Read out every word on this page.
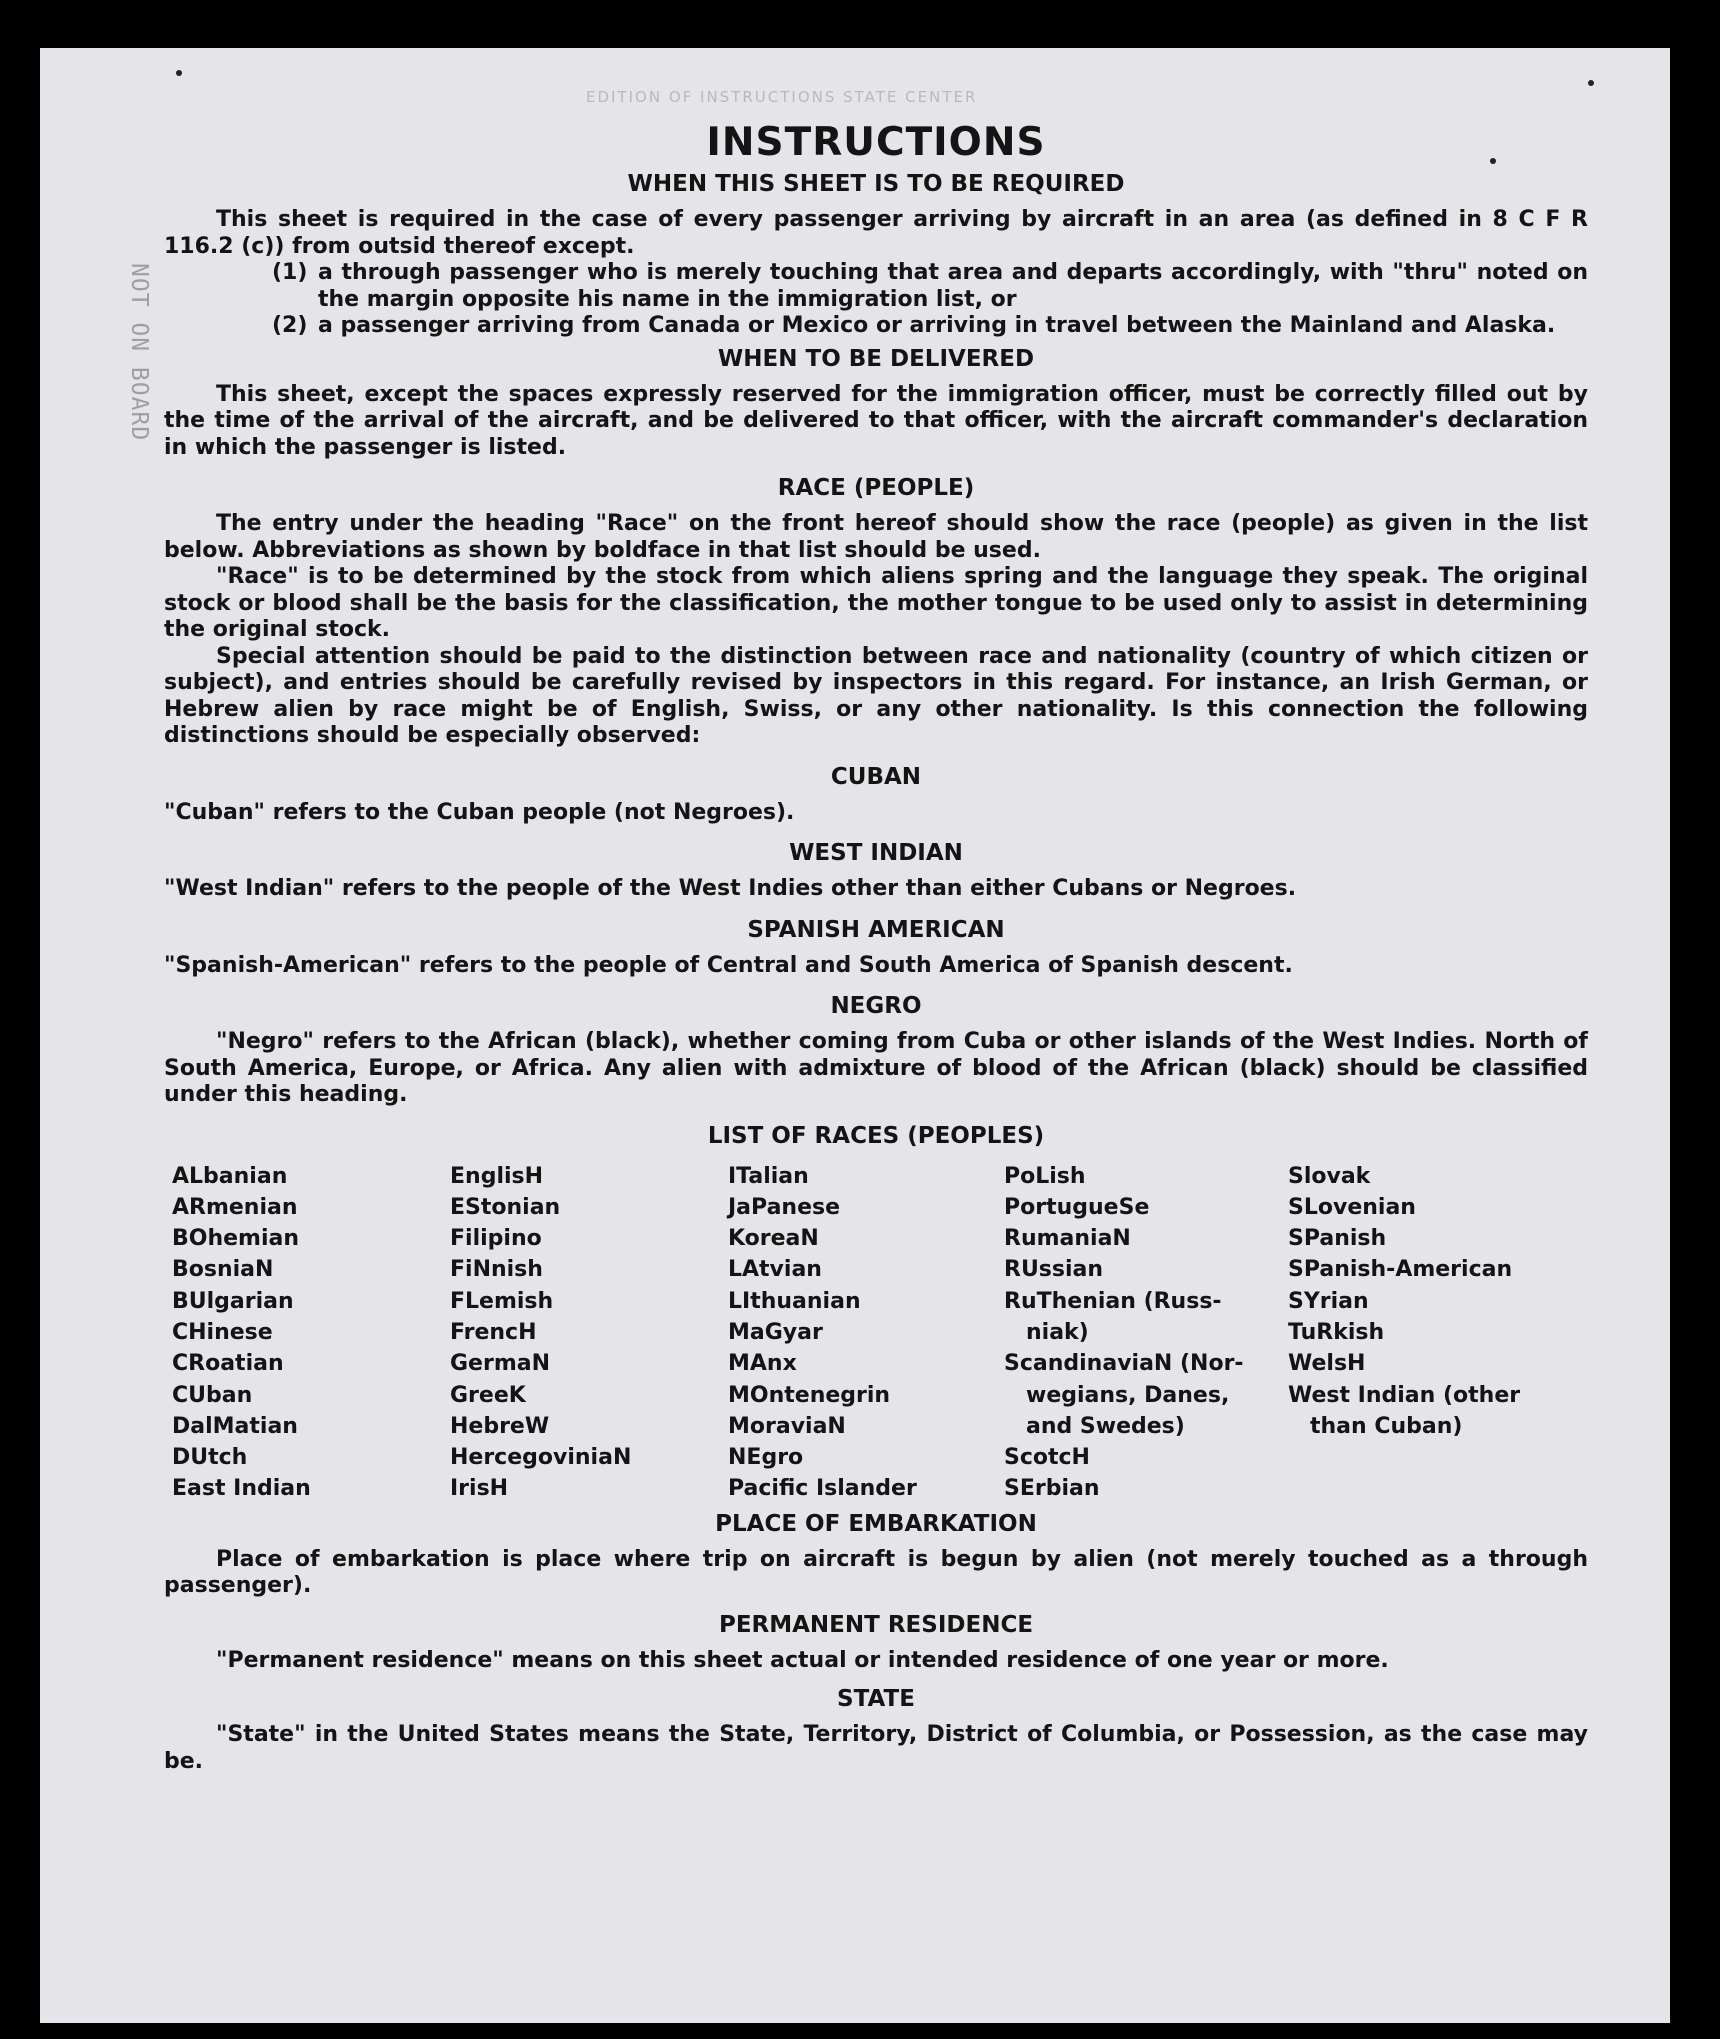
EDITION OF INSTRUCTIONS STATE CENTER
NOT ON BOARD
INSTRUCTIONS
WHEN THIS SHEET IS TO BE REQUIRED

This sheet is required in the case of every passenger arriving by aircraft in an area (as defined in 8 C F R 116.2 (c)) from outsid thereof except.

(1) a through passenger who is merely touching that area and departs accordingly, with "thru" noted on the margin opposite his name in the immigration list, or
(2) a passenger arriving from Canada or Mexico or arriving in travel between the Mainland and Alaska.
WHEN TO BE DELIVERED

This sheet, except the spaces expressly reserved for the immigration officer, must be correctly filled out by the time of the arrival of the aircraft, and be delivered to that officer, with the aircraft commander's declaration in which the passenger is listed.

RACE (PEOPLE)

The entry under the heading "Race" on the front hereof should show the race (people) as given in the list below. Abbreviations as shown by boldface in that list should be used.

"Race" is to be determined by the stock from which aliens spring and the language they speak. The original stock or blood shall be the basis for the classification, the mother tongue to be used only to assist in determining the original stock.

Special attention should be paid to the distinction between race and nationality (country of which citizen or subject), and entries should be carefully revised by inspectors in this regard. For instance, an Irish German, or Hebrew alien by race might be of English, Swiss, or any other nationality. Is this connection the following distinctions should be especially observed:

CUBAN

"Cuban" refers to the Cuban people (not Negroes).

WEST INDIAN

"West Indian" refers to the people of the West Indies other than either Cubans or Negroes.

SPANISH AMERICAN

"Spanish-American" refers to the people of Central and South America of Spanish descent.

NEGRO

"Negro" refers to the African (black), whether coming from Cuba or other islands of the West Indies. North of South America, Europe, or Africa. Any alien with admixture of blood of the African (black) should be classified under this heading.

LIST OF RACES (PEOPLES)
ALbanian
ARmenian
BOhemian
BosniaN
BUlgarian
CHinese
CRoatian
CUban
DalMatian
DUtch
East Indian
EnglisH
EStonian
Filipino
FiNnish
FLemish
FrencH
GermaN
GreeK
HebreW
HercegoviniaN
IrisH
ITalian
JaPanese
KoreaN
LAtvian
LIthuanian
MaGyar
MAnx
MOntenegrin
MoraviaN
NEgro
Pacific Islander
PoLish
PortugueSe
RumaniaN
RUssian
RuThenian (Russ-
niak)
ScandinaviaN (Nor-
wegians, Danes,
and Swedes)
ScotcH
SErbian
Slovak
SLovenian
SPanish
SPanish-American
SYrian
TuRkish
WelsH
West Indian (other
than Cuban)
PLACE OF EMBARKATION

Place of embarkation is place where trip on aircraft is begun by alien (not merely touched as a through passenger).

PERMANENT RESIDENCE

"Permanent residence" means on this sheet actual or intended residence of one year or more.

STATE

"State" in the United States means the State, Territory, District of Columbia, or Possession, as the case may be.
